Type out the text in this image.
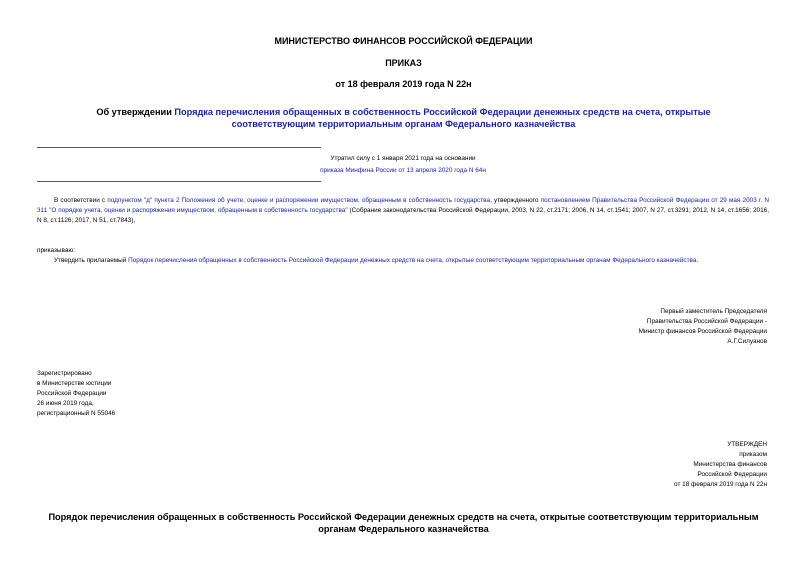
МИНИСТЕРСТВО ФИНАНСОВ РОССИЙСКОЙ ФЕДЕРАЦИИ
ПРИКАЗ
от 18 февраля 2019 года N 22н
Об утверждении Порядка перечисления обращенных в собственность Российской Федерации денежных средств на счета, открытые соответствующим территориальным органам Федерального казначейства
Утратил силу с 1 января 2021 года на основании
приказа Минфина России от 13 апреля 2020 года N 64н
В соответствии с подпунктом "д" пункта 2 Положения об учете, оценке и распоряжении имуществом, обращенным в собственность государства, утвержденного постановлением Правительства Российской Федерации от 29 мая 2003 г. N 311 "О порядке учета, оценки и распоряжения имуществом, обращенным в собственность государства" (Собрание законодательства Российской Федерации, 2003, N 22, ст.2171; 2006, N 14, ст.1541; 2007, N 27, ст.3291; 2012, N 14, ст.1656; 2016, N 8, ст.1126; 2017, N 51, ст.7843),
приказываю:
Утвердить прилагаемый Порядок перечисления обращенных в собственность Российской Федерации денежных средств на счета, открытые соответствующим территориальным органам Федерального казначейства.
Первый заместитель Председателя
Правительства Российской Федерации -
Министр финансов Российской Федерации
А.Г.Силуанов
Зарегистрировано
в Министерстве юстиции
Российской Федерации
26 июня 2019 года,
регистрационный N 55046
УТВЕРЖДЕН
приказом
Министерства финансов
Российской Федерации
от 18 февраля 2019 года N 22н
Порядок перечисления обращенных в собственность Российской Федерации денежных средств на счета, открытые соответствующим территориальным органам Федерального казначейства
